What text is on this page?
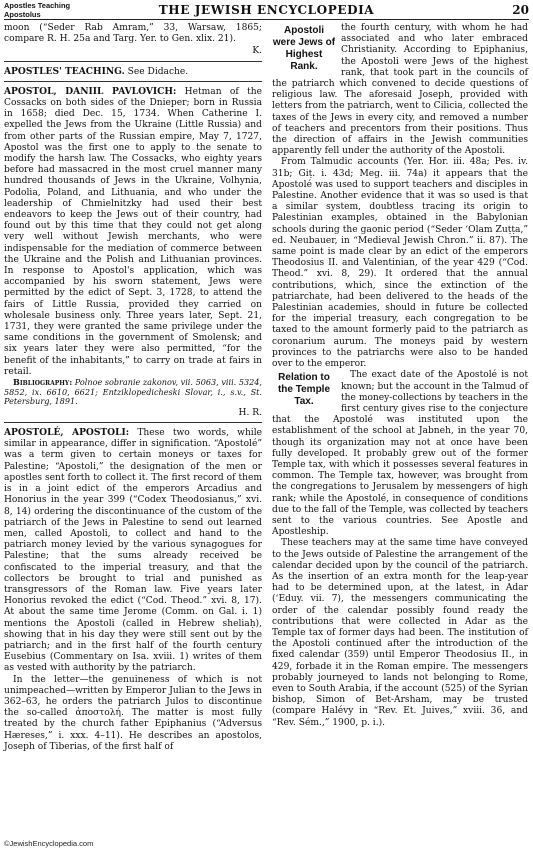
Apostles Teaching
Apostolus	THE JEWISH ENCYCLOPEDIA	20

moon (“Seder Rab Amram,” 33, Warsaw, 1865; compare R. H. 25a and Targ. Yer. to Gen. xlix. 21).

K.

APOSTLES' TEACHING. See Didache.

APOSTOL, DANIIL PAVLOVICH: Hetman of the Cossacks on both sides of the Dnieper; born in Russia in 1658; died Dec. 15, 1734. When Catherine I. expelled the Jews from the Ukraine (Little Russia) and from other parts of the Russian empire, May 7, 1727, Apostol was the first one to apply to the senate to modify the harsh law. The Cossacks, who eighty years before had massacred in the most cruel manner many hundred thousands of Jews in the Ukraine, Volhynia, Podolia, Poland, and Lithuania, and who under the leadership of Chmielnitzky had used their best endeavors to keep the Jews out of their country, had found out by this time that they could not get along very well without Jewish merchants, who were indispensable for the mediation of commerce between the Ukraine and the Polish and Lithuanian provinces. In response to Apostol's application, which was accompanied by his sworn statement, Jews were permitted by the edict of Sept. 3, 1728, to attend the fairs of Little Russia, provided they carried on wholesale business only. Three years later, Sept. 21, 1731, they were granted the same privilege under the same conditions in the government of Smolensk; and six years later they were also permitted, “for the benefit of the inhabitants,” to carry on trade at fairs in retail.

Bibliography: Polnoe sobranie zakonov, vii. 5063, viii. 5324, 5852, ix. 6610, 6621; Entziklopedicheski Slovar, i., s.v., St. Petersburg, 1891.

H. R.

APOSTOLÉ, APOSTOLI: These two words, while similar in appearance, differ in signification. “Apostolé” was a term given to certain moneys or taxes for Palestine; “Apostoli,” the designation of the men or apostles sent forth to collect it. The first record of them is in a joint edict of the emperors Arcadius and Honorius in the year 399 (“Codex Theodosianus,” xvi. 8, 14) ordering the discontinuance of the custom of the patriarch of the Jews in Palestine to send out learned men, called Apostoli, to collect and hand to the patriarch money levied by the various synagogues for Palestine; that the sums already received be confiscated to the imperial treasury, and that the collectors be brought to trial and punished as transgressors of the Roman law. Five years later Honorius revoked the edict (“Cod. Theod.” xvi. 8, 17). At about the same time Jerome (Comm. on Gal. i. 1) mentions the Apostoli (called in Hebrew sheliaḥ), showing that in his day they were still sent out by the patriarch; and in the first half of the fourth century Eusebius (Commentary on Isa. xviii. 1) writes of them as vested with authority by the patriarch.

In the letter—the genuineness of which is not unimpeached—written by Emperor Julian to the Jews in 362–63, he orders the patriarch Julos to discontinue the so-called ἀποστολή. The matter is most fully treated by the church father Epiphanius (“Adversus Hæreses,” i. xxx. 4–11). He describes an apostolos, Joseph of Tiberias, of the first half of

Apostoli were Jews of Highest Rank.

the fourth century, with whom he had associated and who later embraced Christianity. According to Epiphanius, the Apostoli were Jews of the highest rank, that took part in the councils of the patriarch which convened to decide questions of religious law. The aforesaid Joseph, provided with letters from the patriarch, went to Cilicia, collected the taxes of the Jews in every city, and removed a number of teachers and precentors from their positions. Thus the direction of affairs in the Jewish communities apparently fell under the authority of the Apostoli.

From Talmudic accounts (Yer. Hor. iii. 48a; Pes. iv. 31b; Giṭ. i. 43d; Meg. iii. 74a) it appears that the Apostolé was used to support teachers and disciples in Palestine. Another evidence that it was so used is that a similar system, doubtless tracing its origin to Palestinian examples, obtained in the Babylonian schools during the gaonic period (“Seder ‘Olam Zuṭṭa,” ed. Neubauer, in “Medieval Jewish Chron.” ii. 87). The same point is made clear by an edict of the emperors Theodosius II. and Valentinian, of the year 429 (“Cod. Theod.” xvi. 8, 29). It ordered that the annual contributions, which, since the extinction of the patriarchate, had been delivered to the heads of the Palestinian academies, should in future be collected for the imperial treasury, each congregation to be taxed to the amount formerly paid to the patriarch as coronarium aurum. The moneys paid by western provinces to the patriarchs were also to be handed over to the emperor.

Relation to the Temple Tax.

The exact date of the Apostolé is not known; but the account in the Talmud of the money-collections by teachers in the first century gives rise to the conjecture that the Apostolé was instituted upon the establishment of the school at Jabneh, in the year 70, though its organization may not at once have been fully developed. It probably grew out of the former Temple tax, with which it possesses several features in common. The Temple tax, however, was brought from the congregations to Jerusalem by messengers of high rank; while the Apostolé, in consequence of conditions due to the fall of the Temple, was collected by teachers sent to the various countries. See Apostle and Apostleship.

These teachers may at the same time have conveyed to the Jews outside of Palestine the arrangement of the calendar decided upon by the council of the patriarch. As the insertion of an extra month for the leap-year had to be determined upon, at the latest, in Adar (‘Eduy. vii. 7), the messengers communicating the order of the calendar possibly found ready the contributions that were collected in Adar as the Temple tax of former days had been. The institution of the Apostoli continued after the introduction of the fixed calendar (359) until Emperor Theodosius II., in 429, forbade it in the Roman empire. The messengers probably journeyed to lands not belonging to Rome, even to South Arabia, if the account (525) of the Syrian bishop, Simon of Bet-Arsham, may be trusted (compare Halévy in “Rev. Et. Juives,” xviii. 36, and “Rev. Sém.,” 1900, p. i.).

©JewishEncyclopedia.com
